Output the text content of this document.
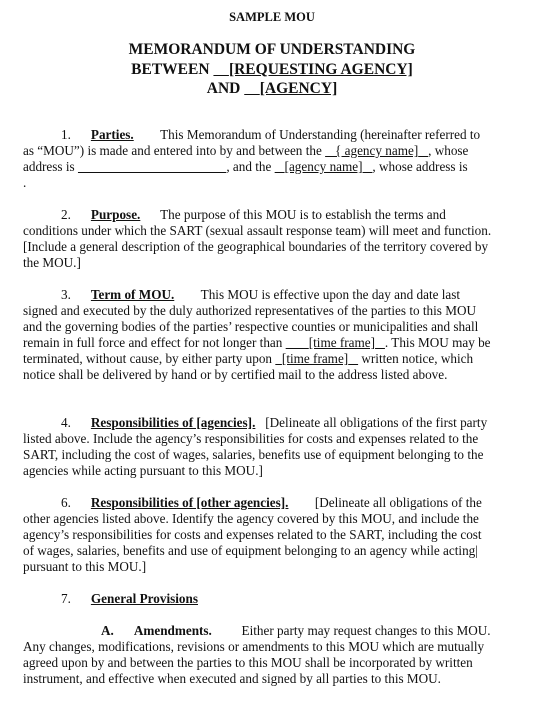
SAMPLE MOU
MEMORANDUM OF UNDERSTANDING
BETWEEN [REQUESTING AGENCY]
AND [AGENCY]
1. Parties. This Memorandum of Understanding (hereinafter referred to
as “MOU”) is made and entered into by and between the { agency name] , whose
address is	, and the [agency name] , whose address is
.
2. Purpose. The purpose of this MOU is to establish the terms and
conditions under which the SART (sexual assault response team) will meet and function.
[Include a general description of the geographical boundaries of the territory covered by
the MOU.]
3. Term of MOU. This MOU is effective upon the day and date last
signed and executed by the duly authorized representatives of the parties to this MOU
and the governing bodies of the parties’ respective counties or municipalities and shall
remain in full force and effect for not longer than [time frame] . This MOU may be
terminated, without cause, by either party upon [time frame] written notice, which
notice shall be delivered by hand or by certified mail to the address listed above.
4. Responsibilities of [agencies]. [Delineate all obligations of the first party
listed above. Include the agency’s responsibilities for costs and expenses related to the
SART, including the cost of wages, salaries, benefits use of equipment belonging to the
agencies while acting pursuant to this MOU.]
6. Responsibilities of [other agencies]. [Delineate all obligations of the
other agencies listed above. Identify the agency covered by this MOU, and include the
agency’s responsibilities for costs and expenses related to the SART, including the cost
of wages, salaries, benefits and use of equipment belonging to an agency while acting|
pursuant to this MOU.]
7. General Provisions
A. Amendments. Either party may request changes to this MOU.
Any changes, modifications, revisions or amendments to this MOU which are mutually
agreed upon by and between the parties to this MOU shall be incorporated by written
instrument, and effective when executed and signed by all parties to this MOU.
